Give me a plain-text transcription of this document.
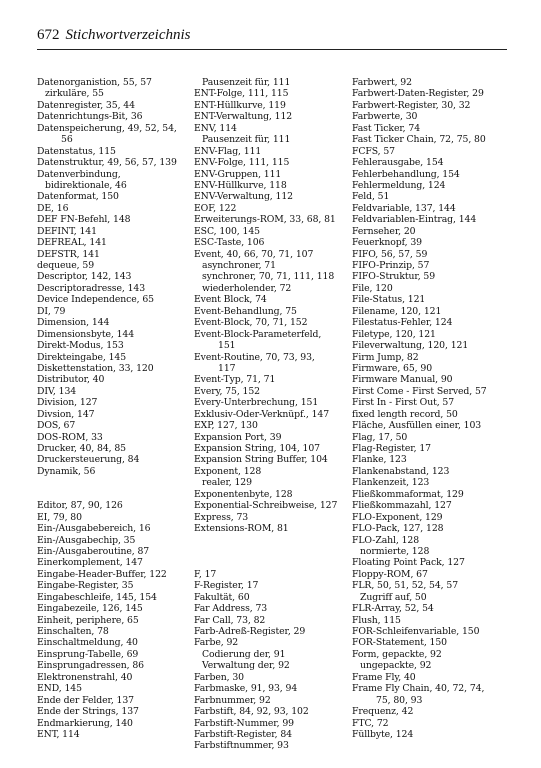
672 Stichwortverzeichnis
Datenorganistion, 55, 57
zirkuläre, 55
Datenregister, 35, 44
Datenrichtungs-Bit, 36
Datenspeicherung, 49, 52, 54,
56
Datenstatus, 115
Datenstruktur, 49, 56, 57, 139
Datenverbindung,
bidirektionale, 46
Datenformat, 150
DE, 16
DEF FN-Befehl, 148
DEFINT, 141
DEFREAL, 141
DEFSTR, 141
dequeue, 59
Descriptor, 142, 143
Descriptoradresse, 143
Device Independence, 65
DI, 79
Dimension, 144
Dimensionsbyte, 144
Direkt-Modus, 153
Direkteingabe, 145
Diskettenstation, 33, 120
Distributor, 40
DIV, 134
Division, 127
Divsion, 147
DOS, 67
DOS-ROM, 33
Drucker, 40, 84, 85
Druckersteuerung, 84
Dynamik, 56
Editor, 87, 90, 126
EI, 79, 80
Ein-/Ausgabebereich, 16
Ein-/Ausgabechip, 35
Ein-/Ausgaberoutine, 87
Einerkomplement, 147
Eingabe-Header-Buffer, 122
Eingabe-Register, 35
Eingabeschleife, 145, 154
Eingabezeile, 126, 145
Einheit, periphere, 65
Einschalten, 78
Einschaltmeldung, 40
Einsprung-Tabelle, 69
Einsprungadressen, 86
Elektronenstrahl, 40
END, 145
Ende der Felder, 137
Ende der Strings, 137
Endmarkierung, 140
ENT, 114
Pausenzeit für, 111
ENT-Folge, 111, 115
ENT-Hüllkurve, 119
ENT-Verwaltung, 112
ENV, 114
Pausenzeit für, 111
ENV-Flag, 111
ENV-Folge, 111, 115
ENV-Gruppen, 111
ENV-Hüllkurve, 118
ENV-Verwaltung, 112
EOF, 122
Erweiterungs-ROM, 33, 68, 81
ESC, 100, 145
ESC-Taste, 106
Event, 40, 66, 70, 71, 107
asynchroner, 71
synchroner, 70, 71, 111, 118
wiederholender, 72
Event Block, 74
Event-Behandlung, 75
Event-Block, 70, 71, 152
Event-Block-Parameterfeld,
151
Event-Routine, 70, 73, 93,
117
Event-Typ, 71, 71
Every, 75, 152
Every-Unterbrechung, 151
Exklusiv-Oder-Verknüpf., 147
EXP, 127, 130
Expansion Port, 39
Expansion String, 104, 107
Expansion String Buffer, 104
Exponent, 128
realer, 129
Exponentenbyte, 128
Exponential-Schreibweise, 127
Express, 73
Extensions-ROM, 81
F, 17
F-Register, 17
Fakultät, 60
Far Address, 73
Far Call, 73, 82
Farb-Adreß-Register, 29
Farbe, 92
Codierung der, 91
Verwaltung der, 92
Farben, 30
Farbmaske, 91, 93, 94
Farbnummer, 92
Farbstift, 84, 92, 93, 102
Farbstift-Nummer, 99
Farbstift-Register, 84
Farbstiftnummer, 93
Farbwert, 92
Farbwert-Daten-Register, 29
Farbwert-Register, 30, 32
Farbwerte, 30
Fast Ticker, 74
Fast Ticker Chain, 72, 75, 80
FCFS, 57
Fehlerausgabe, 154
Fehlerbehandlung, 154
Fehlermeldung, 124
Feld, 51
Feldvariable, 137, 144
Feldvariablen-Eintrag, 144
Fernseher, 20
Feuerknopf, 39
FIFO, 56, 57, 59
FIFO-Prinzip, 57
FIFO-Struktur, 59
File, 120
File-Status, 121
Filename, 120, 121
Filestatus-Fehler, 124
Filetype, 120, 121
Fileverwaltung, 120, 121
Firm Jump, 82
Firmware, 65, 90
Firmware Manual, 90
First Come - First Served, 57
First In - First Out, 57
fixed length record, 50
Fläche, Ausfüllen einer, 103
Flag, 17, 50
Flag-Register, 17
Flanke, 123
Flankenabstand, 123
Flankenzeit, 123
Fließkommaformat, 129
Fließkommazahl, 127
FLO-Exponent, 129
FLO-Pack, 127, 128
FLO-Zahl, 128
normierte, 128
Floating Point Pack, 127
Floppy-ROM, 67
FLR, 50, 51, 52, 54, 57
Zugriff auf, 50
FLR-Array, 52, 54
Flush, 115
FOR-Schleifenvariable, 150
FOR-Statement, 150
Form, gepackte, 92
ungepackte, 92
Frame Fly, 40
Frame Fly Chain, 40, 72, 74,
75, 80, 93
Frequenz, 42
FTC, 72
Füllbyte, 124
